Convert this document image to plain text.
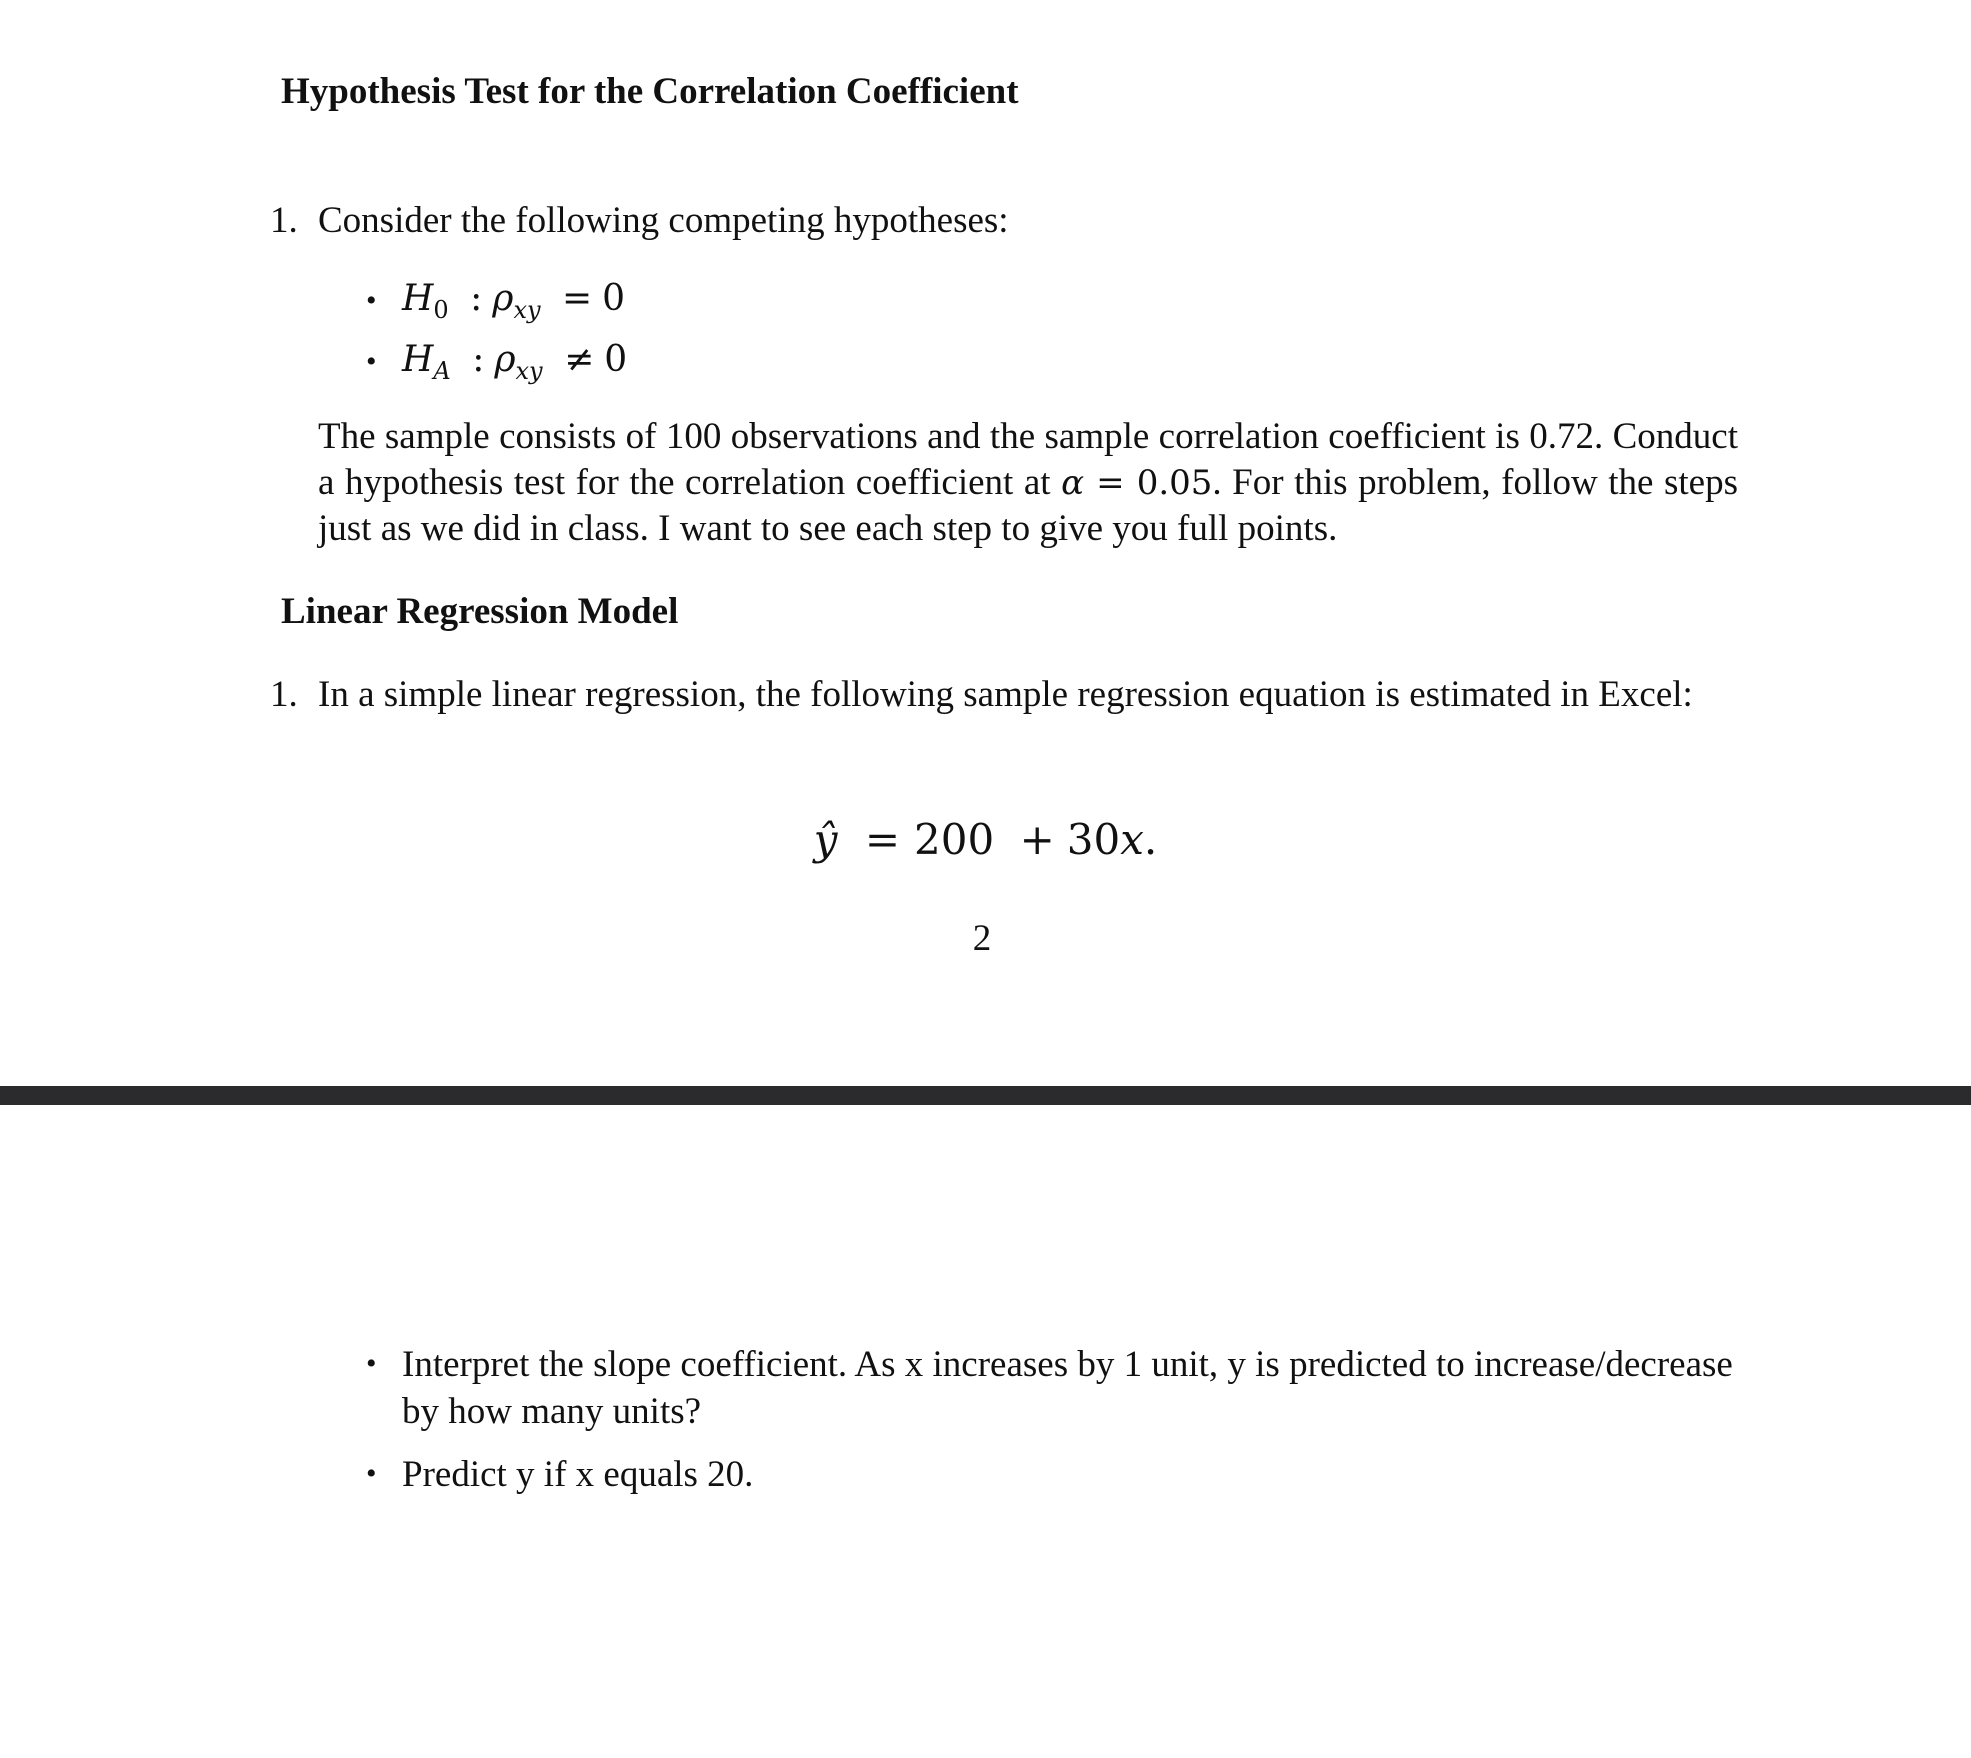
Hypothesis Test for the Correlation Coefficient
1. Consider the following competing hypotheses:
• $H_0$ : $\rho_{xy} = 0$
• $H_A$ : $\rho_{xy} \ne 0$
The sample consists of 100 observations and the sample correlation coefficient is 0.72. Conduct a hypothesis test for the correlation coefficient at α = 0.05. For this problem, follow the steps just as we did in class. I want to see each step to give you full points.
Linear Regression Model
1. In a simple linear regression, the following sample regression equation is estimated in Excel:
ŷ = 200 + 30x.
2
• Interpret the slope coefficient. As x increases by 1 unit, y is predicted to increase/decrease by how many units?
• Predict y if x equals 20.
